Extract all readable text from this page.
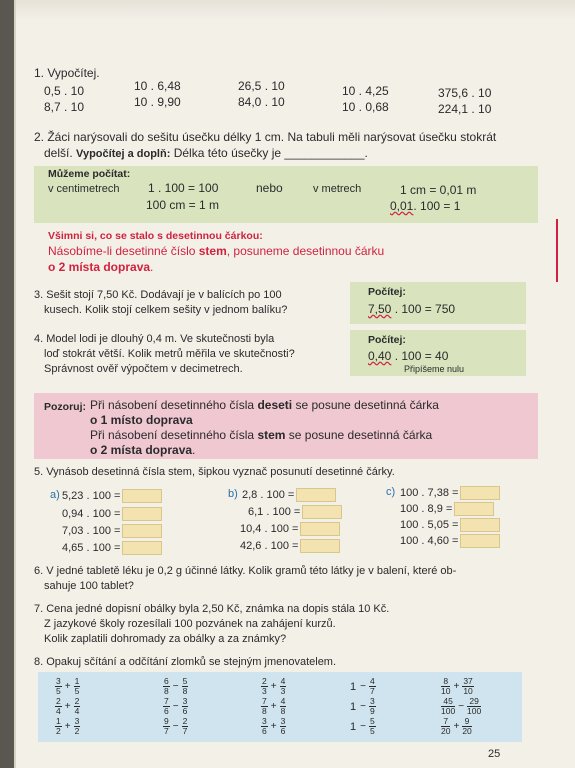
1. Vypočítej.
0,5 . 10
8,7 . 10
10 . 6,48
10 . 9,90
26,5 . 10
84,0 . 10
10 . 4,25
10 . 0,68
375,6 . 10
224,1 . 10
2. Žáci narýsovali do sešitu úsečku délky 1 cm. Na tabuli měli narýsovat úsečku stokrát
delší. Vypočítej a doplň: Délka této úsečky je ____________.
Můžeme počítat:
v centimetrech 1 . 100 = 100
100 cm = 1 m
nebo	v metrech	1 cm = 0,01 m
0,01. 100 = 1
Všimni si, co se stalo s desetinnou čárkou:
Násobíme-li desetinné číslo stem, posuneme desetinnou čárku
o 2 místa doprava.
3. Sešit stojí 7,50 Kč. Dodávají je v balících po 100
kusech. Kolik stojí celkem sešity v jednom balíku?
Počítej:
7,50 . 100 = 750
4. Model lodi je dlouhý 0,4 m. Ve skutečnosti byla
loď stokrát větší. Kolik metrů měřila ve skutečnosti?
Správnost ověř výpočtem v decimetrech.
Počítej:
0,40 . 100 = 40
Připíšeme nulu
Pozoruj: Při násobení desetinného čísla deseti se posune desetinná čárka
o 1 místo doprava
Při násobení desetinného čísla stem se posune desetinná čárka
o 2 místa doprava.
5. Vynásob desetinná čísla stem, šipkou vyznač posunutí desetinné čárky.
a) 5,23 . 100 =
0,94 . 100 =
7,03 . 100 =
4,65 . 100 =
b) 2,8 . 100 =
6,1 . 100 =
10,4 . 100 =
42,6 . 100 =
c) 100 . 7,38 =
100 . 8,9 =
100 . 5,05 =
100 . 4,60 =
6. V jedné tabletě léku je 0,2 g účinné látky. Kolik gramů této látky je v balení, které ob-
sahuje 100 tablet?
7. Cena jedné dopisní obálky byla 2,50 Kč, známka na dopis stála 10 Kč.
Z jazykové školy rozesílali 100 pozvánek na zahájení kurzů.
Kolik zaplatili dohromady za obálky a za známky?
8. Opakuj sčítání a odčítání zlomků se stejným jmenovatelem.
25
$\frac{3}{5} + \frac{1}{5}$
$\frac{2}{4} + \frac{2}{4}$
$\frac{1}{2} + \frac{3}{2}$
$\frac{6}{8} - \frac{5}{8}$
$\frac{7}{6} - \frac{3}{6}$
$\frac{9}{7} - \frac{2}{7}$
$\frac{2}{3} + \frac{4}{3}$
$\frac{7}{8} + \frac{4}{8}$
$\frac{3}{6} + \frac{3}{6}$
$1 - \frac{4}{7}$
$1 - \frac{3}{9}$
$1 - \frac{5}{5}$
$\frac{8}{10} + \frac{37}{10}$
$\frac{45}{100} - \frac{29}{100}$
$\frac{7}{20} + \frac{9}{20}$
